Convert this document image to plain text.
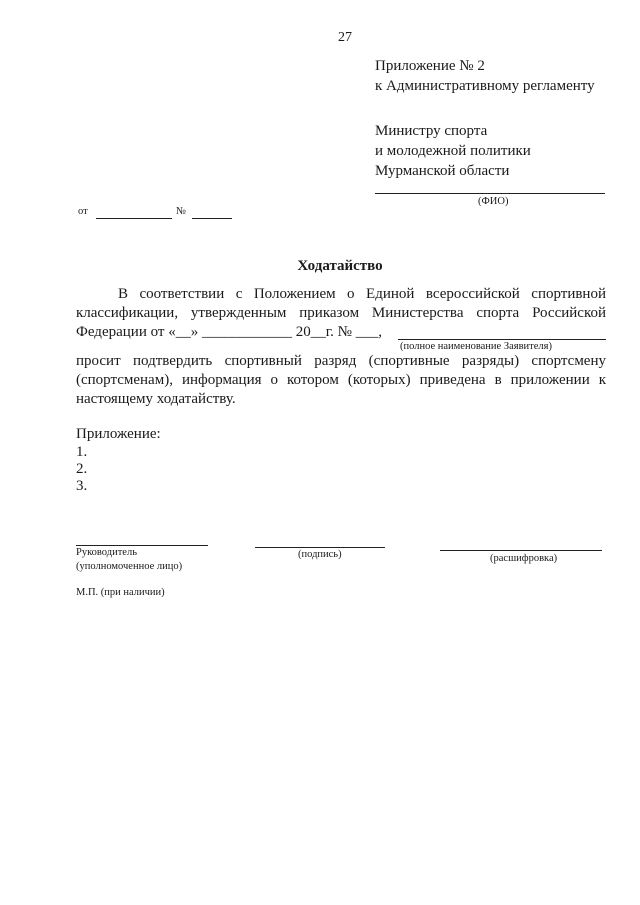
27
Приложение № 2
к Административному регламенту
Министру спорта
и молодежной политики
Мурманской области
(ФИО)
от	№
Ходатайство
В соответствии с Положением о Единой всероссийской спортивной
классификации, утвержденным приказом Министерства спорта Российской
Федерации от «__» ____________ 20__г. № ___,
(полное наименование Заявителя)
просит подтвердить спортивный разряд (спортивные разряды) спортсмену
(спортсменам), информация о котором (которых) приведена в приложении к
настоящему ходатайству.
Приложение:
1.
2.
3.
Руководитель
(уполномоченное лицо)
(подпись)	(расшифровка)
М.П. (при наличии)
